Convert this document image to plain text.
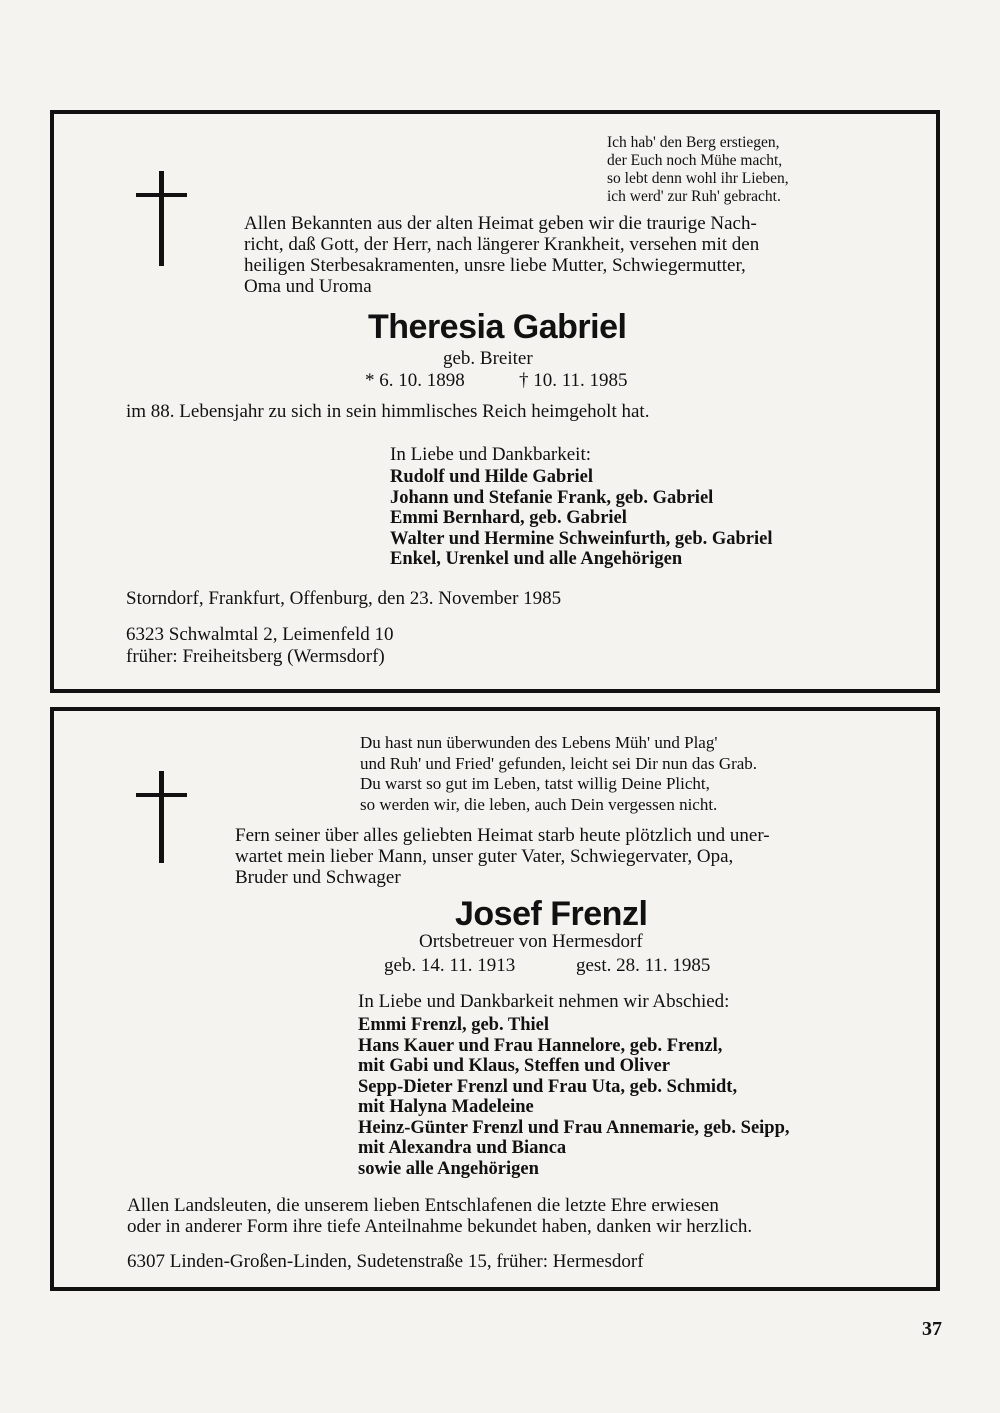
Ich hab' den Berg erstiegen,
der Euch noch Mühe macht,
so lebt denn wohl ihr Lieben,
ich werd' zur Ruh' gebracht.
Allen Bekannten aus der alten Heimat geben wir die traurige Nach-
richt, daß Gott, der Herr, nach längerer Krankheit, versehen mit den
heiligen Sterbesakramenten, unsre liebe Mutter, Schwiegermutter,
Oma und Uroma
Theresia Gabriel
geb. Breiter
* 6. 10. 1898	† 10. 11. 1985
im 88. Lebensjahr zu sich in sein himmlisches Reich heimgeholt hat.
In Liebe und Dankbarkeit:
Rudolf und Hilde Gabriel
Johann und Stefanie Frank, geb. Gabriel
Emmi Bernhard, geb. Gabriel
Walter und Hermine Schweinfurth, geb. Gabriel
Enkel, Urenkel und alle Angehörigen
Storndorf, Frankfurt, Offenburg, den 23. November 1985
6323 Schwalmtal 2, Leimenfeld 10
früher: Freiheitsberg (Wermsdorf)
Du hast nun überwunden des Lebens Müh' und Plag'
und Ruh' und Fried' gefunden, leicht sei Dir nun das Grab.
Du warst so gut im Leben, tatst willig Deine Plicht,
so werden wir, die leben, auch Dein vergessen nicht.
Fern seiner über alles geliebten Heimat starb heute plötzlich und uner-
wartet mein lieber Mann, unser guter Vater, Schwiegervater, Opa,
Bruder und Schwager
Josef Frenzl
Ortsbetreuer von Hermesdorf
geb. 14. 11. 1913	gest. 28. 11. 1985
In Liebe und Dankbarkeit nehmen wir Abschied:
Emmi Frenzl, geb. Thiel
Hans Kauer und Frau Hannelore, geb. Frenzl,
mit Gabi und Klaus, Steffen und Oliver
Sepp-Dieter Frenzl und Frau Uta, geb. Schmidt,
mit Halyna Madeleine
Heinz-Günter Frenzl und Frau Annemarie, geb. Seipp,
mit Alexandra und Bianca
sowie alle Angehörigen
Allen Landsleuten, die unserem lieben Entschlafenen die letzte Ehre erwiesen
oder in anderer Form ihre tiefe Anteilnahme bekundet haben, danken wir herzlich.
6307 Linden-Großen-Linden, Sudetenstraße 15, früher: Hermesdorf
37
